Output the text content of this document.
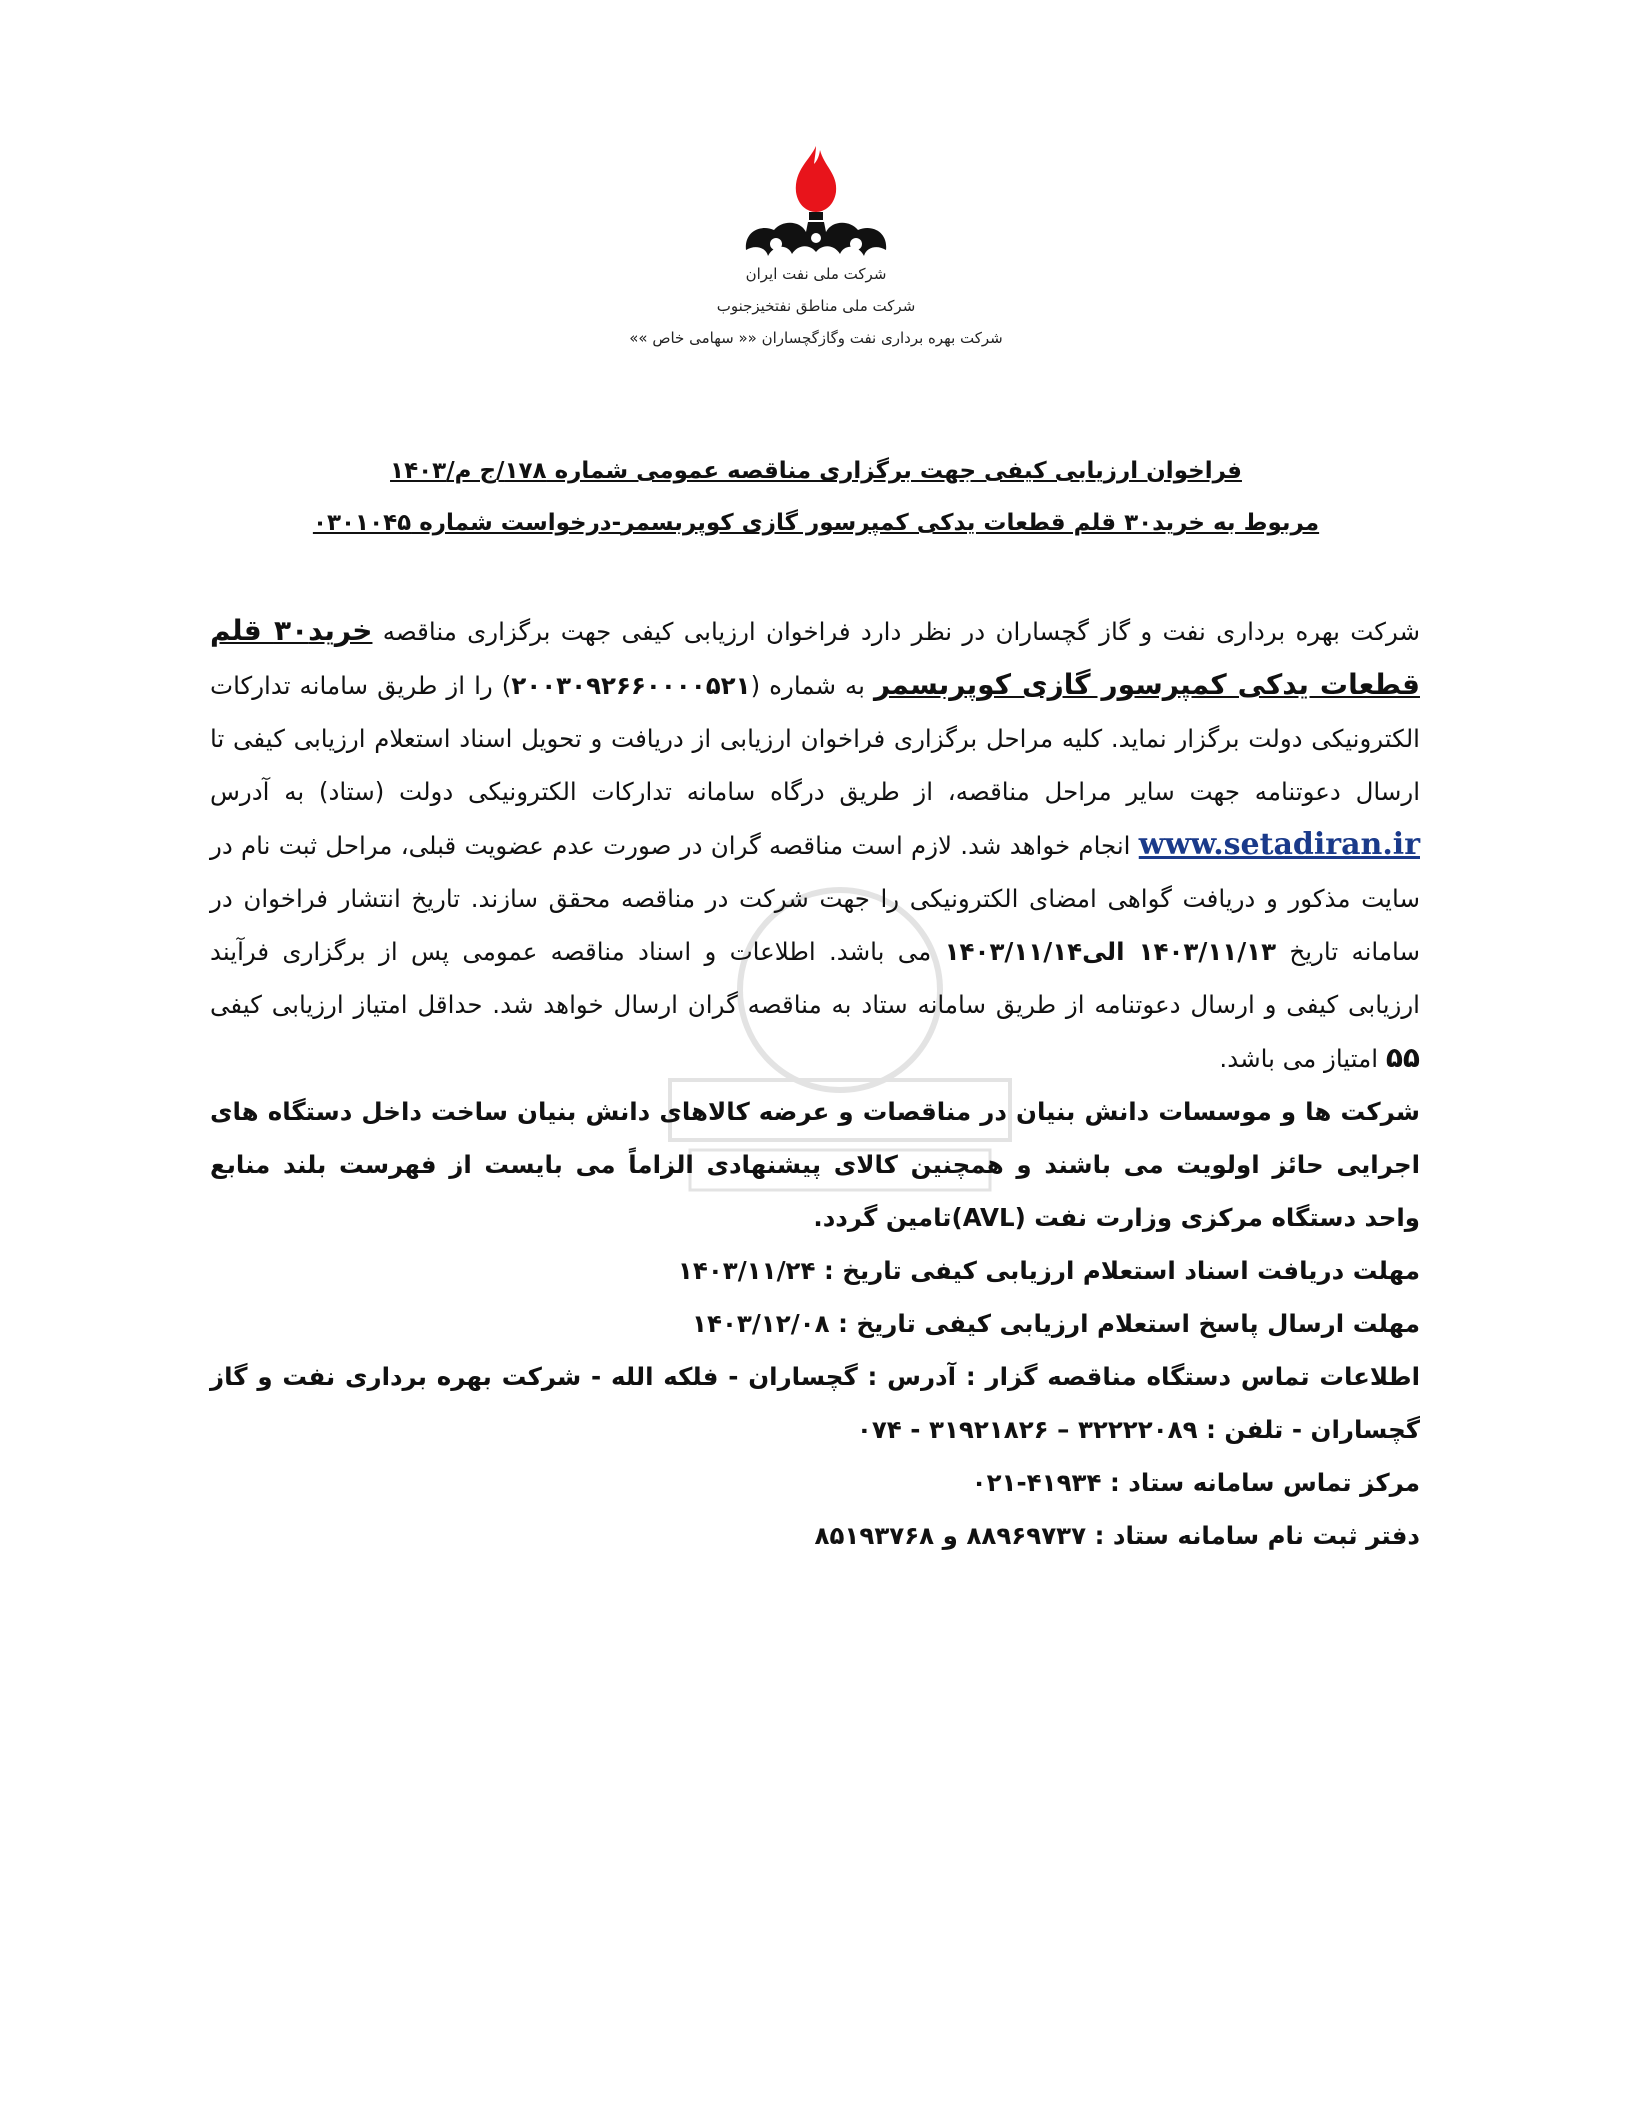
شرکت ملی نفت ایران
شرکت ملی مناطق نفتخیزجنوب
شرکت بهره برداری نفت وگازگچساران «« سهامی خاص »»
فراخوان ارزیابی کیفی جهت برگزاری مناقصه عمومی شماره ۱۷۸/ج م/۱۴۰۳
مربوط به خرید۳۰ قلم قطعات یدکی کمپرسور گازی کوپربسمر-درخواست شماره ۰۳۰۱۰۴۵

شرکت بهره برداری نفت و گاز گچساران در نظر دارد فراخوان ارزیابی کیفی جهت برگزاری مناقصه خرید۳۰ قلم قطعات یدکی کمپرسور گازی کوپربسمر به شماره (۲۰۰۳۰۹۲۶۶۰۰۰۰۵۲۱) را از طریق سامانه تدارکات الکترونیکی دولت برگزار نماید. کلیه مراحل برگزاری فراخوان ارزیابی از دریافت و تحویل اسناد استعلام ارزیابی کیفی تا ارسال دعوتنامه جهت سایر مراحل مناقصه، از طریق درگاه سامانه تدارکات الکترونیکی دولت (ستاد) به آدرس www.setadiran.ir انجام خواهد شد. لازم است مناقصه گران در صورت عدم عضویت قبلی، مراحل ثبت نام در سایت مذکور و دریافت گواهی امضای الکترونیکی را جهت شرکت در مناقصه محقق سازند. تاریخ انتشار فراخوان در سامانه تاریخ ۱۴۰۳/۱۱/۱۳ الی۱۴۰۳/۱۱/۱۴ می باشد. اطلاعات و اسناد مناقصه عمومی پس از برگزاری فرآیند ارزیابی کیفی و ارسال دعوتنامه از طریق سامانه ستاد به مناقصه گران ارسال خواهد شد. حداقل امتیاز ارزیابی کیفی ۵۵ امتیاز می باشد.

شرکت ها و موسسات دانش بنیان در مناقصات و عرضه کالاهای دانش بنیان ساخت داخل دستگاه های اجرایی حائز اولویت می باشند و همچنین کالای پیشنهادی الزاماً می بایست از فهرست بلند منابع واحد دستگاه مرکزی وزارت نفت (AVL)تامین گردد.

مهلت دریافت اسناد استعلام ارزیابی کیفی تاریخ : ۱۴۰۳/۱۱/۲۴

مهلت ارسال پاسخ استعلام ارزیابی کیفی تاریخ : ۱۴۰۳/۱۲/۰۸

اطلاعات تماس دستگاه مناقصه گزار : آدرس : گچساران - فلکه الله - شرکت بهره برداری نفت و گاز گچساران - تلفن : ۳۲۲۲۲۰۸۹ – ۳۱۹۲۱۸۲۶ - ۰۷۴

مرکز تماس سامانه ستاد : ۴۱۹۳۴-۰۲۱

دفتر ثبت نام سامانه ستاد : ۸۸۹۶۹۷۳۷ و ۸۵۱۹۳۷۶۸
